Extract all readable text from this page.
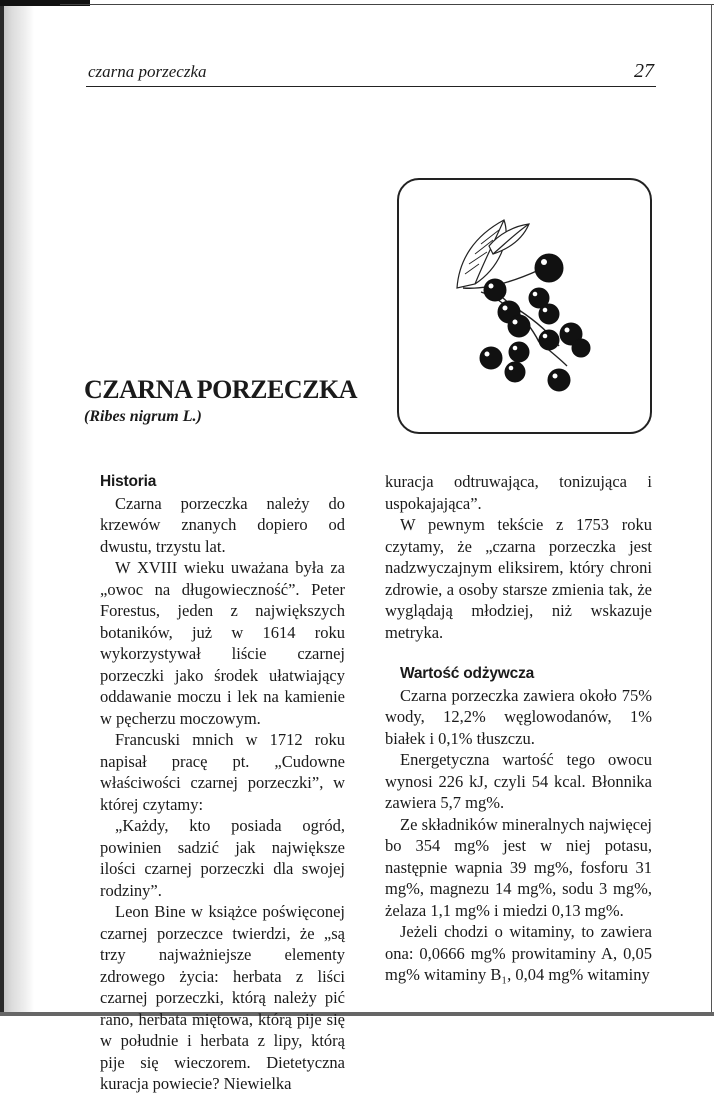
czarna porzeczka	27
CZARNA PORZECZKA
(Ribes nigrum L.)
Historia

Czarna porzeczka należy do krzewów znanych dopiero od dwustu, trzystu lat.

W XVIII wieku uważana była za „owoc na długowieczność”. Peter Forestus, jeden z największych botaników, już w 1614 roku wykorzystywał liście czarnej porzeczki jako środek ułatwiający oddawanie moczu i lek na kamienie w pęcherzu moczowym.

Francuski mnich w 1712 roku napisał pracę pt. „Cudowne właściwości czarnej porzeczki”, w której czytamy:

„Każdy, kto posiada ogród, powinien sadzić jak największe ilości czarnej porzeczki dla swojej rodziny”.

Leon Bine w książce poświęconej czarnej porzeczce twierdzi, że „są trzy najważniejsze elementy zdrowego życia: herbata z liści czarnej porzeczki, którą należy pić rano, herbata miętowa, którą pije się w południe i herbata z lipy, którą pije się wieczorem. Dietetyczna kuracja powiecie? Niewielka

kuracja odtruwająca, tonizująca i uspokajająca”.

W pewnym tekście z 1753 roku czytamy, że „czarna porzeczka jest nadzwyczajnym eliksirem, który chroni zdrowie, a osoby starsze zmienia tak, że wyglądają młodziej, niż wskazuje metryka.

Wartość odżywcza

Czarna porzeczka zawiera około 75% wody, 12,2% węglowodanów, 1% białek i 0,1% tłuszczu.

Energetyczna wartość tego owocu wynosi 226 kJ, czyli 54 kcal. Błonnika zawiera 5,7 mg%.

Ze składników mineralnych najwięcej bo 354 mg% jest w niej potasu, następnie wapnia 39 mg%, fosforu 31 mg%, magnezu 14 mg%, sodu 3 mg%, żelaza 1,1 mg% i miedzi 0,13 mg%.

Jeżeli chodzi o witaminy, to zawiera ona: 0,0666 mg% prowitaminy A, 0,05 mg% witaminy B₁, 0,04 mg% witaminy
